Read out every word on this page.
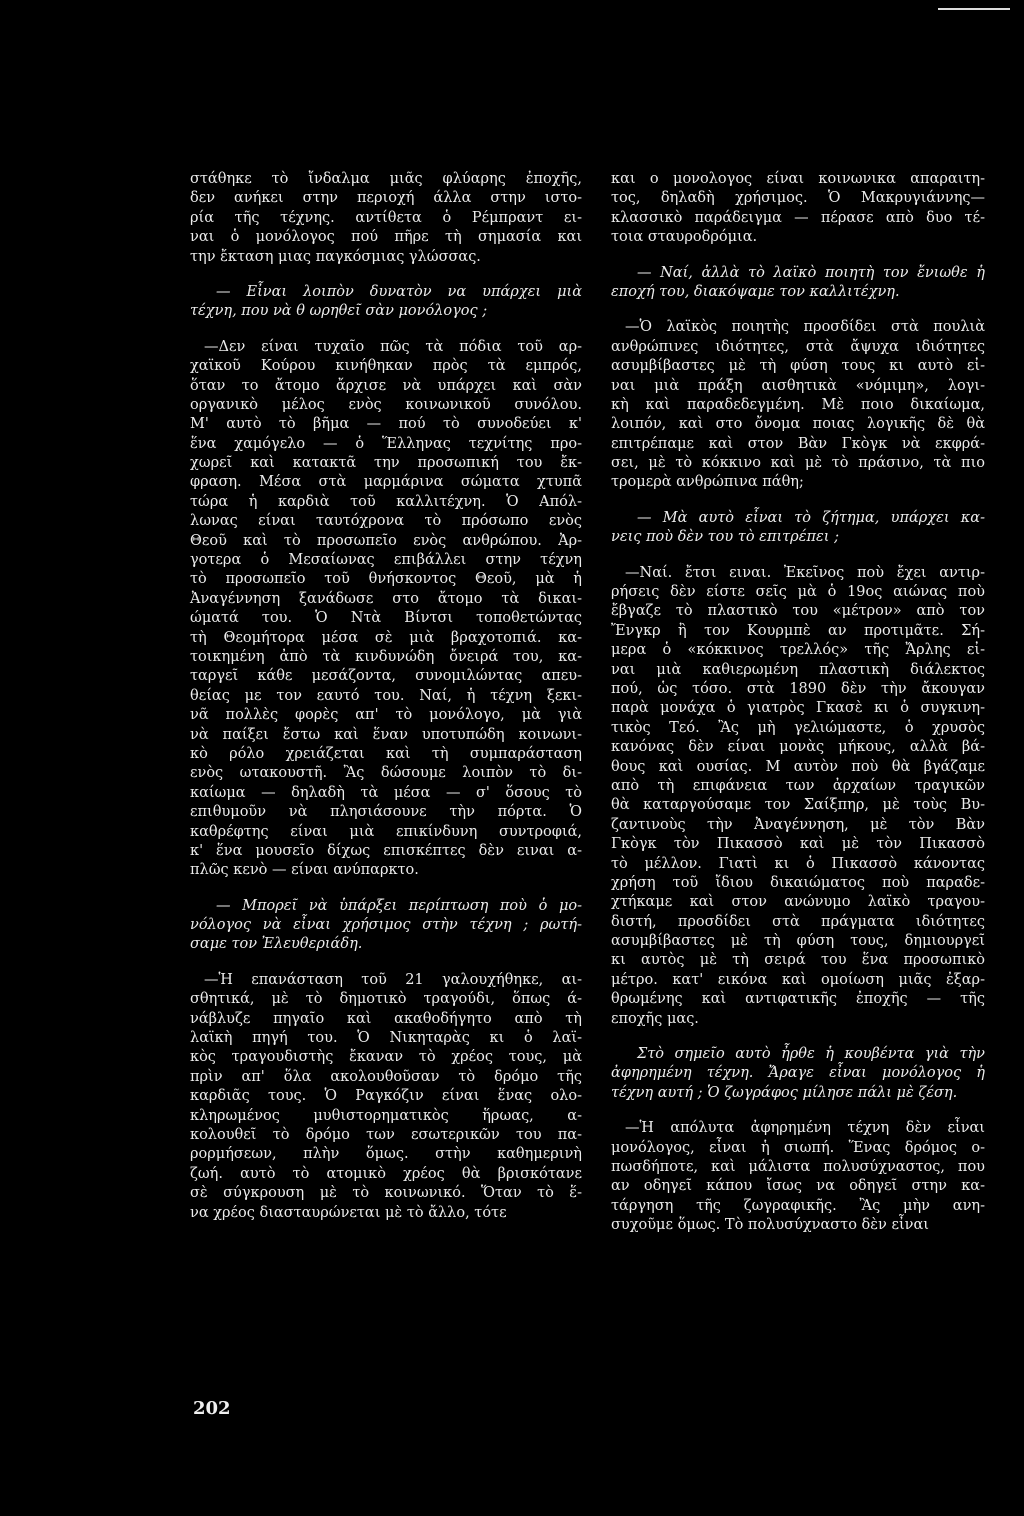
στάθηκε τὸ ἴνδαλμα μιᾶς φλύαρης ἐποχῆς,
δεν ανήκει στην περιοχή άλλα στην ιστο-
ρία τῆς τέχνης. αντίθετα ὁ Ρέμπραντ ει-
ναι ὁ μονόλογος πού πῆρε τὴ σημασία και
την ἔκταση μιας παγκόσμιας γλώσσας.
— Εἶναι λοιπὸν δυνατὸν να υπάρχει μιὰ
τέχνη, που νὰ θ ωρηθεῖ σὰν μονόλογος ;
—Δεν είναι τυχαῖο πῶς τὰ πόδια τοῦ αρ-
χαϊκοῦ Κούρου κινήθηκαν πρὸς τὰ εμπρός,
ὅταν το ἄτομο ἄρχισε νὰ υπάρχει καὶ σὰν
οργανικὸ μέλος ενὸς κοινωνικοῦ συνόλου.
Μ' αυτὸ τὸ βῆμα — πού τὸ συνοδεύει κ'
ἕνα χαμόγελο — ὁ Ἕλληνας τεχνίτης προ-
χωρεῖ καὶ κατακτᾶ την προσωπική του ἔκ-
φραση. Μέσα στὰ μαρμάρινα σώματα χτυπᾶ
τώρα ἡ καρδιὰ τοῦ καλλιτέχνη. Ὁ Απόλ-
λωνας είναι ταυτόχρονα τὸ πρόσωπο ενὸς
Θεοῦ καὶ τὸ προσωπεῖο ενὸς ανθρώπου. Ἀρ-
γοτερα ὁ Μεσαίωνας επιβάλλει στην τέχνη
τὸ προσωπεῖο τοῦ θνήσκοντος Θεοῦ, μὰ ἡ
Ἀναγέννηση ξανάδωσε στο ἄτομο τὰ δικαι-
ώματά του. Ὁ Ντὰ Βίντσι τοποθετώντας
τὴ Θεομήτορα μέσα σὲ μιὰ βραχοτοπιά. κα-
τοικημένη ἀπὸ τὰ κινδυνώδη ὄνειρά του, κα-
ταργεῖ κάθε μεσάζοντα, συνομιλώντας απευ-
θείας με τον εαυτό του. Ναί, ἡ τέχνη ξεκι-
νᾶ πολλὲς φορὲς απ' τὸ μονόλογο, μὰ γιὰ
νὰ παίξει ἔστω καὶ ἕναν υποτυπώδη κοινωνι-
κὸ ρόλο χρειάζεται καὶ τὴ συμπαράσταση
ενὸς ωτακουστῆ. Ἂς δώσουμε λοιπὸν τὸ δι-
καίωμα — δηλαδὴ τὰ μέσα — σ' ὅσους τὸ
επιθυμοῦν νὰ πλησιάσουνε τὴν πόρτα. Ὁ
καθρέφτης είναι μιὰ επικίνδυνη συντροφιά,
κ' ἕνα μουσεῖο δίχως επισκέπτες δὲν ειναι α-
πλῶς κενὸ — είναι ανύπαρκτο.
— Μπορεῖ νὰ ὑπάρξει περίπτωση ποὺ ὁ μο-
νόλογος νὰ εἶναι χρήσιμος στὴν τέχνη ; ρωτή-
σαμε τον Ἐλευθεριάδη.
—Ἡ επανάσταση τοῦ 21 γαλουχήθηκε, αι-
σθητικά, μὲ τὸ δημοτικὸ τραγούδι, ὅπως ά-
νάβλυζε πηγαῖο καὶ ακαθοδήγητο απὸ τὴ
λαϊκὴ πηγή του. Ὁ Νικηταρὰς κι ὁ λαϊ-
κὸς τραγουδιστὴς ἔκαναν τὸ χρέος τους, μὰ
πρὶν απ' ὅλα ακολουθοῦσαν τὸ δρόμο τῆς
καρδιᾶς τους. Ὁ Ραγκόζιν είναι ἕνας ολο-
κληρωμένος μυθιστορηματικὸς ἥρωας, α-
κολουθεῖ τὸ δρόμο των εσωτερικῶν του πα-
ρορμήσεων, πλὴν ὅμως. στὴν καθημερινὴ
ζωή. αυτὸ τὸ ατομικὸ χρέος θὰ βρισκότανε
σὲ σύγκρουση μὲ τὸ κοινωνικό. Ὅταν τὸ ἕ-
να χρέος διασταυρώνεται μὲ τὸ ἄλλο, τότε
και ο μονολογος είναι κοινωνικα απαραιτη-
τος, δηλαδὴ χρήσιμος. Ὁ Μακρυγιάννης—
κλασσικὸ παράδειγμα — πέρασε απὸ δυο τέ-
τοια σταυροδρόμια.
— Ναί, ἀλλὰ τὸ λαϊκὸ ποιητὴ τον ἔνιωθε ἡ
εποχή του, διακόψαμε τον καλλιτέχνη.
—Ὁ λαϊκὸς ποιητὴς προσδίδει στὰ πουλιὰ
ανθρώπινες ιδιότητες, στὰ ἄψυχα ιδιότητες
ασυμβίβαστες μὲ τὴ φύση τους κι αυτὸ εἰ-
ναι μιὰ πράξη αισθητικὰ «νόμιμη», λογι-
κὴ καὶ παραδεδεγμένη. Μὲ ποιο δικαίωμα,
λοιπόν, καὶ στο ὄνομα ποιας λογικῆς δὲ θὰ
επιτρέπαμε καὶ στον Βὰν Γκὸγκ νὰ εκφρά-
σει, μὲ τὸ κόκκινο καὶ μὲ τὸ πράσινο, τὰ πιο
τρομερὰ ανθρώπινα πάθη;
— Μὰ αυτὸ εἶναι τὸ ζήτημα, υπάρχει κα-
νεις ποὺ δὲν του τὸ επιτρέπει ;
—Ναί. ἔτσι ειναι. Ἐκεῖνος ποὺ ἔχει αντιρ-
ρήσεις δὲν είστε σεῖς μὰ ὁ 19ος αιώνας ποὺ
ἔβγαζε τὸ πλαστικὸ του «μέτρον» απὸ τον
Ἔνγκρ ἢ τον Κουρμπὲ αν προτιμᾶτε. Σή-
μερα ὁ «κόκκινος τρελλός» τῆς Ἄρλης εἰ-
ναι μιὰ καθιερωμένη πλαστικὴ διάλεκτος
πού, ὡς τόσο. στὰ 1890 δὲν τὴν ἄκουγαν
παρὰ μονάχα ὁ γιατρὸς Γκασὲ κι ὁ συγκινη-
τικὸς Τεό. Ἂς μὴ γελιώμαστε, ὁ χρυσὸς
κανόνας δὲν είναι μονὰς μήκους, αλλὰ βά-
θους καὶ ουσίας. Μ αυτὸν ποὺ θὰ βγάζαμε
απὸ τὴ επιφάνεια των ἀρχαίων τραγικῶν
θὰ καταργούσαμε τον Σαίξπηρ, μὲ τοὺς Βυ-
ζαντινοὺς τὴν Ἀναγέννηση, μὲ τὸν Βὰν
Γκὸγκ τὸν Πικασσὸ καὶ μὲ τὸν Πικασσὸ
τὸ μέλλον. Γιατὶ κι ὁ Πικασσὸ κάνοντας
χρήση τοῦ ἴδιου δικαιώματος ποὺ παραδε-
χτήκαμε καὶ στον ανώνυμο λαϊκὸ τραγου-
διστή, προσδίδει στὰ πράγματα ιδιότητες
ασυμβίβαστες μὲ τὴ φύση τους, δημιουργεῖ
κι αυτὸς μὲ τὴ σειρά του ἕνα προσωπικὸ
μέτρο. κατ' εικόνα καὶ ομοίωση μιᾶς ἐξαρ-
θρωμένης καὶ αντιφατικῆς ἐποχῆς — τῆς
εποχῆς μας.
Στὸ σημεῖο αυτὸ ἦρθε ἡ κουβέντα γιὰ τὴν
ἀφηρημένη τέχνη. Ἄραγε εἶναι μονόλογος ἡ
τέχνη αυτή ; Ὁ ζωγράφος μίλησε πάλι μὲ ζέση.
—Ἡ απόλυτα ἀφηρημένη τέχνη δὲν εἶναι
μονόλογος, εἶναι ἡ σιωπή. Ἕνας δρόμος ο-
πωσδήποτε, καὶ μάλιστα πολυσύχναστος, που
αν οδηγεῖ κάπου ἴσως να οδηγεῖ στην κα-
τάργηση τῆς ζωγραφικῆς. Ἂς μὴν ανη-
συχοῦμε ὅμως. Τὸ πολυσύχναστο δὲν εἶναι
202
